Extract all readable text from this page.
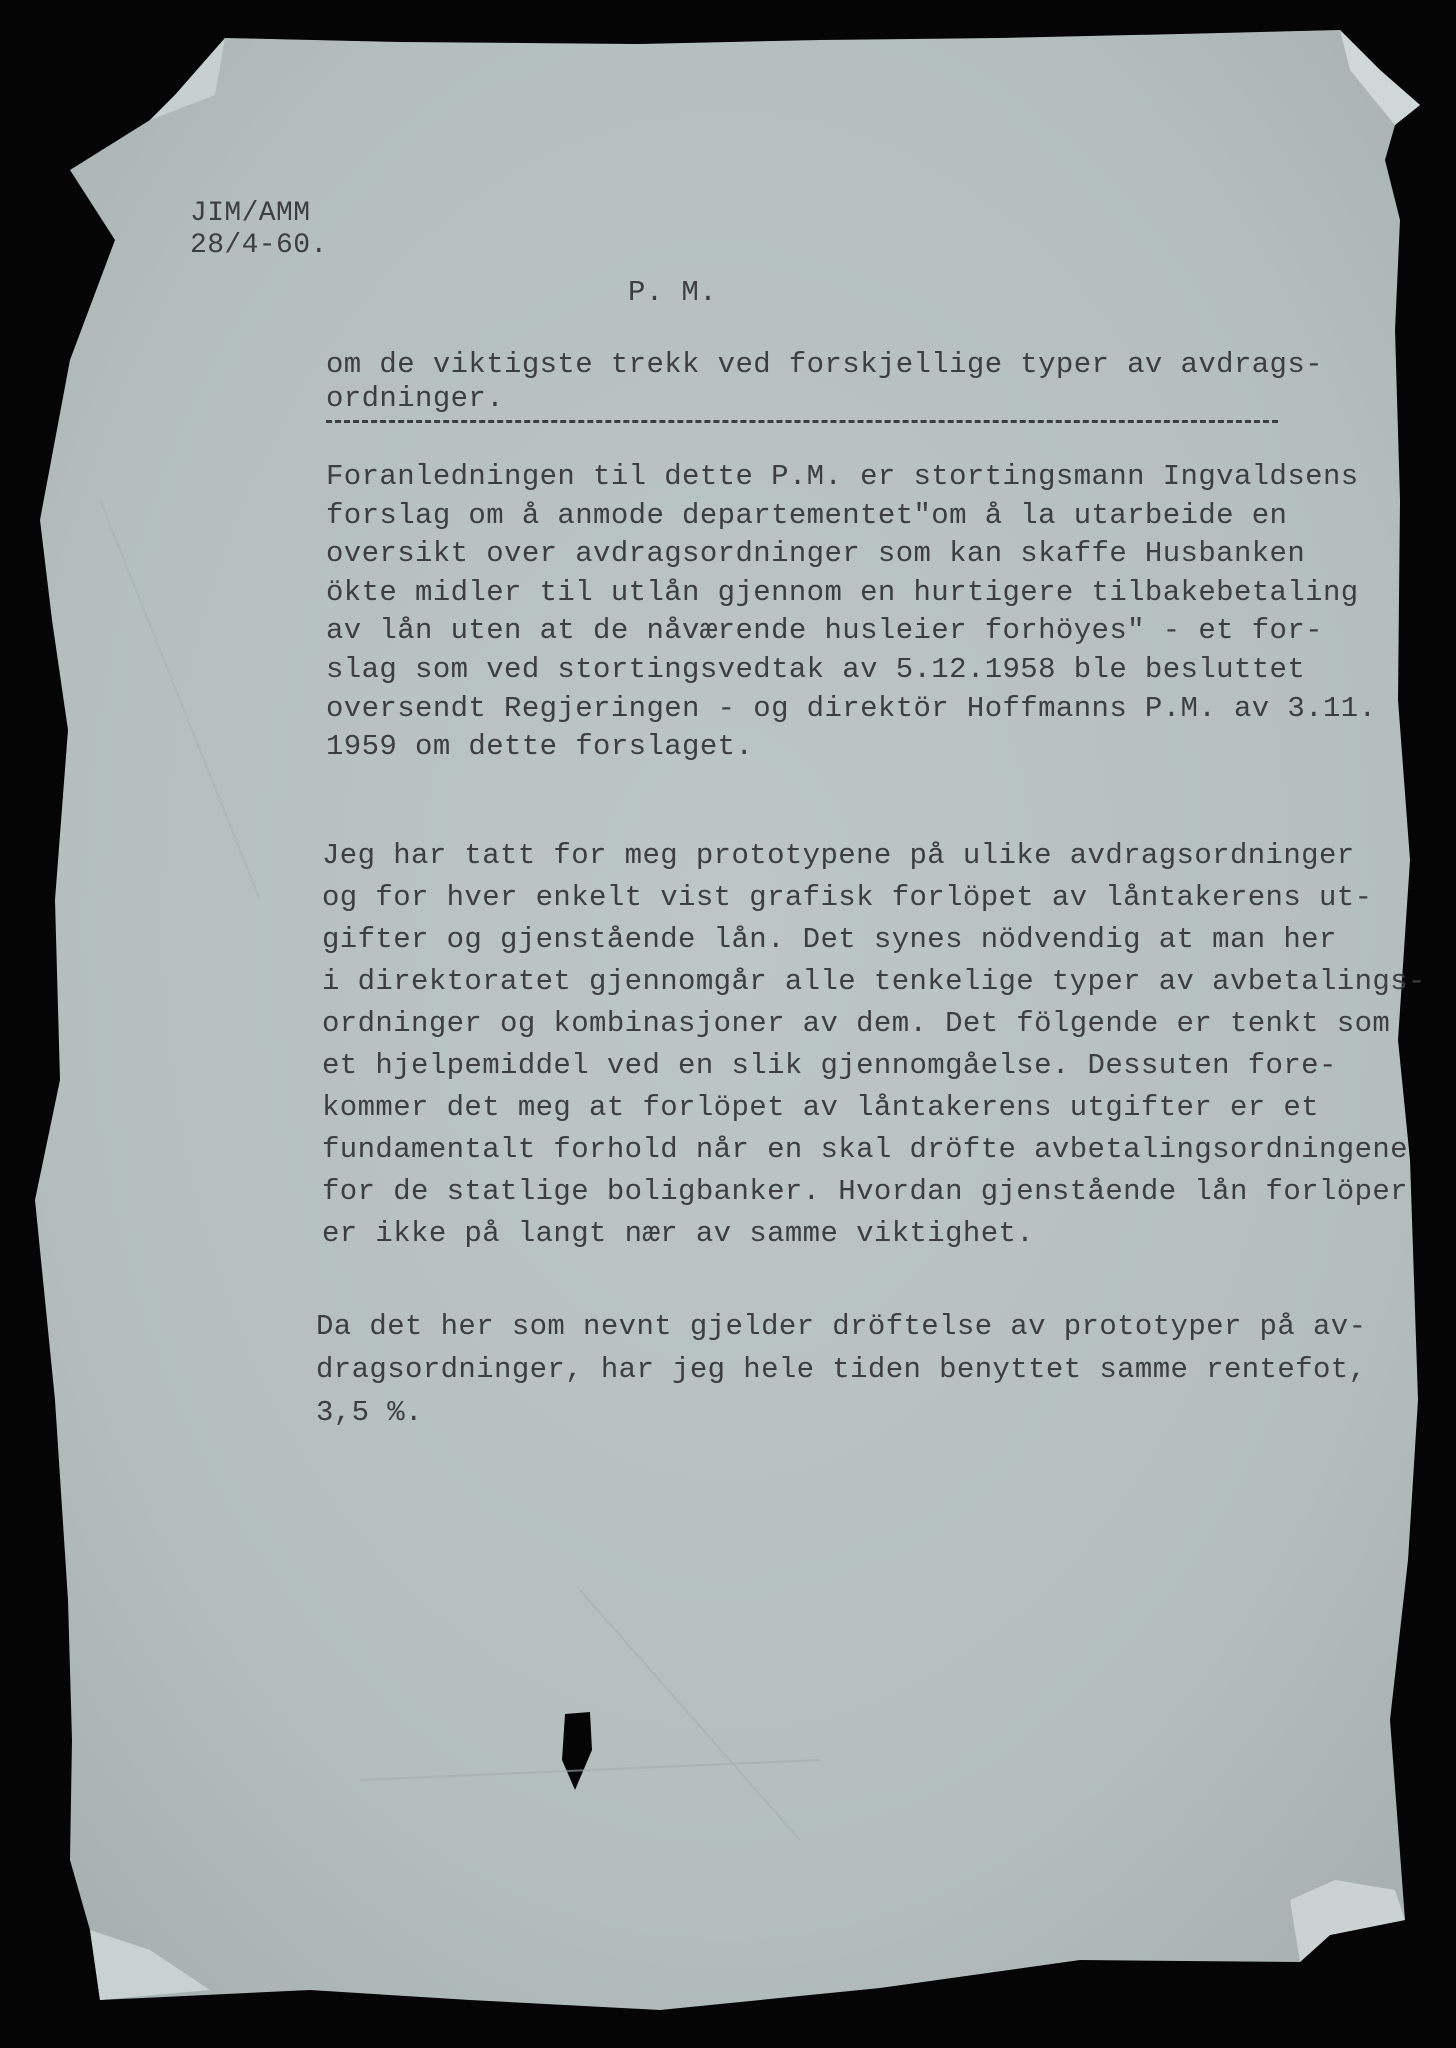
JIM/AMM
28/4-60.
P. M.
om de viktigste trekk ved forskjellige typer av avdrags-
ordninger.
Foranledningen til dette P.M. er stortingsmann Ingvaldsens
forslag om å anmode departementet"om å la utarbeide en
oversikt over avdragsordninger som kan skaffe Husbanken
ökte midler til utlån gjennom en hurtigere tilbakebetaling
av lån uten at de nåværende husleier forhöyes" - et for-
slag som ved stortingsvedtak av 5.12.1958 ble besluttet
oversendt Regjeringen - og direktör Hoffmanns P.M. av 3.11.
1959 om dette forslaget.
Jeg har tatt for meg prototypene på ulike avdragsordninger
og for hver enkelt vist grafisk forlöpet av låntakerens ut-
gifter og gjenstående lån. Det synes nödvendig at man her
i direktoratet gjennomgår alle tenkelige typer av avbetalings-
ordninger og kombinasjoner av dem. Det fölgende er tenkt som
et hjelpemiddel ved en slik gjennomgåelse. Dessuten fore-
kommer det meg at forlöpet av låntakerens utgifter er et
fundamentalt forhold når en skal dröfte avbetalingsordningene
for de statlige boligbanker. Hvordan gjenstående lån forlöper
er ikke på langt nær av samme viktighet.
Da det her som nevnt gjelder dröftelse av prototyper på av-
dragsordninger, har jeg hele tiden benyttet samme rentefot,
3,5 %.
